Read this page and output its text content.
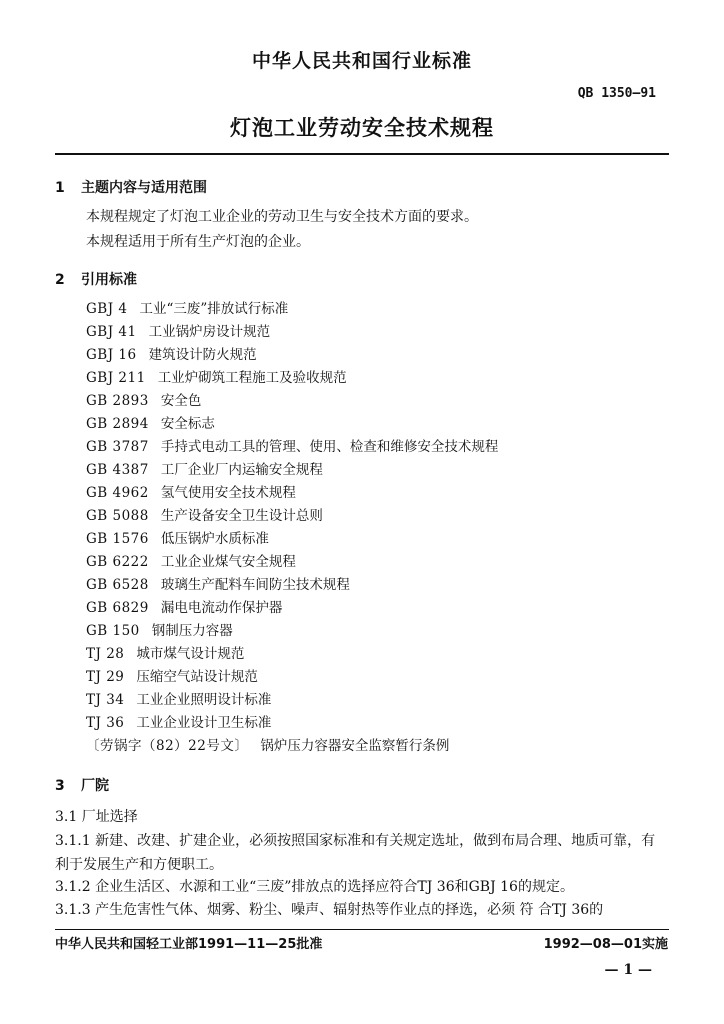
中华人民共和国行业标准
QB 1350—91
灯泡工业劳动安全技术规程
1 主题内容与适用范围
本规程规定了灯泡工业企业的劳动卫生与安全技术方面的要求。
本规程适用于所有生产灯泡的企业。
2 引用标准
GBJ 4 工业“三废”排放试行标准
GBJ 41 工业锅炉房设计规范
GBJ 16 建筑设计防火规范
GBJ 211 工业炉砌筑工程施工及验收规范
GB 2893 安全色
GB 2894 安全标志
GB 3787 手持式电动工具的管理、使用、检查和维修安全技术规程
GB 4387 工厂企业厂内运输安全规程
GB 4962 氢气使用安全技术规程
GB 5088 生产设备安全卫生设计总则
GB 1576 低压锅炉水质标准
GB 6222 工业企业煤气安全规程
GB 6528 玻璃生产配料车间防尘技术规程
GB 6829 漏电电流动作保护器
GB 150 钢制压力容器
TJ 28 城市煤气设计规范
TJ 29 压缩空气站设计规范
TJ 34 工业企业照明设计标准
TJ 36 工业企业设计卫生标准
〔劳锅字（82）22号文〕 锅炉压力容器安全监察暂行条例
3 厂院
3.1 厂址选择
3.1.1 新建、改建、扩建企业，必须按照国家标准和有关规定选址，做到布局合理、地质可靠，有利于发展生产和方便职工。
3.1.2 企业生活区、水源和工业“三废”排放点的选择应符合TJ 36和GBJ 16的规定。
3.1.3 产生危害性气体、烟雾、粉尘、噪声、辐射热等作业点的择选，必须 符 合TJ 36的
中华人民共和国轻工业部1991—11—25批准	1992—08—01实施
— 1 —
